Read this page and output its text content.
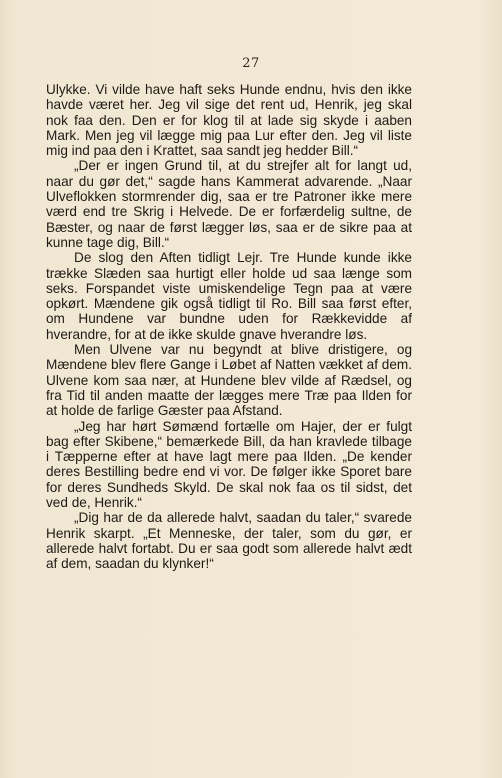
27

Ulykke. Vi vilde have haft seks Hunde endnu, hvis den ikke havde været her. Jeg vil sige det rent ud, Henrik, jeg skal nok faa den. Den er for klog til at lade sig skyde i aaben Mark. Men jeg vil lægge mig paa Lur efter den. Jeg vil liste mig ind paa den i Krattet, saa sandt jeg hedder Bill.“

„Der er ingen Grund til, at du strejfer alt for langt ud, naar du gør det,“ sagde hans Kammerat advarende. „Naar Ulveflokken stormrender dig, saa er tre Patroner ikke mere værd end tre Skrig i Helvede. De er forfærdelig sultne, de Bæster, og naar de først lægger løs, saa er de sikre paa at kunne tage dig, Bill.“

De slog den Aften tidligt Lejr. Tre Hunde kunde ikke trække Slæden saa hurtigt eller holde ud saa længe som seks. Forspandet viste umiskendelige Tegn paa at være opkørt. Mændene gik også tidligt til Ro. Bill saa først efter, om Hundene var bundne uden for Rækkevidde af hverandre, for at de ikke skulde gnave hverandre løs.

Men Ulvene var nu begyndt at blive dristigere, og Mændene blev flere Gange i Løbet af Natten vækket af dem. Ulvene kom saa nær, at Hundene blev vilde af Rædsel, og fra Tid til anden maatte der lægges mere Træ paa Ilden for at holde de farlige Gæster paa Afstand.

„Jeg har hørt Sømænd fortælle om Hajer, der er fulgt bag efter Skibene,“ bemærkede Bill, da han kravlede tilbage i Tæpperne efter at have lagt mere paa Ilden. „De kender deres Bestilling bedre end vi vor. De følger ikke Sporet bare for deres Sundheds Skyld. De skal nok faa os til sidst, det ved de, Henrik.“

„Dig har de da allerede halvt, saadan du taler,“ svarede Henrik skarpt. „Et Menneske, der taler, som du gør, er allerede halvt fortabt. Du er saa godt som allerede halvt ædt af dem, saadan du klynker!“
